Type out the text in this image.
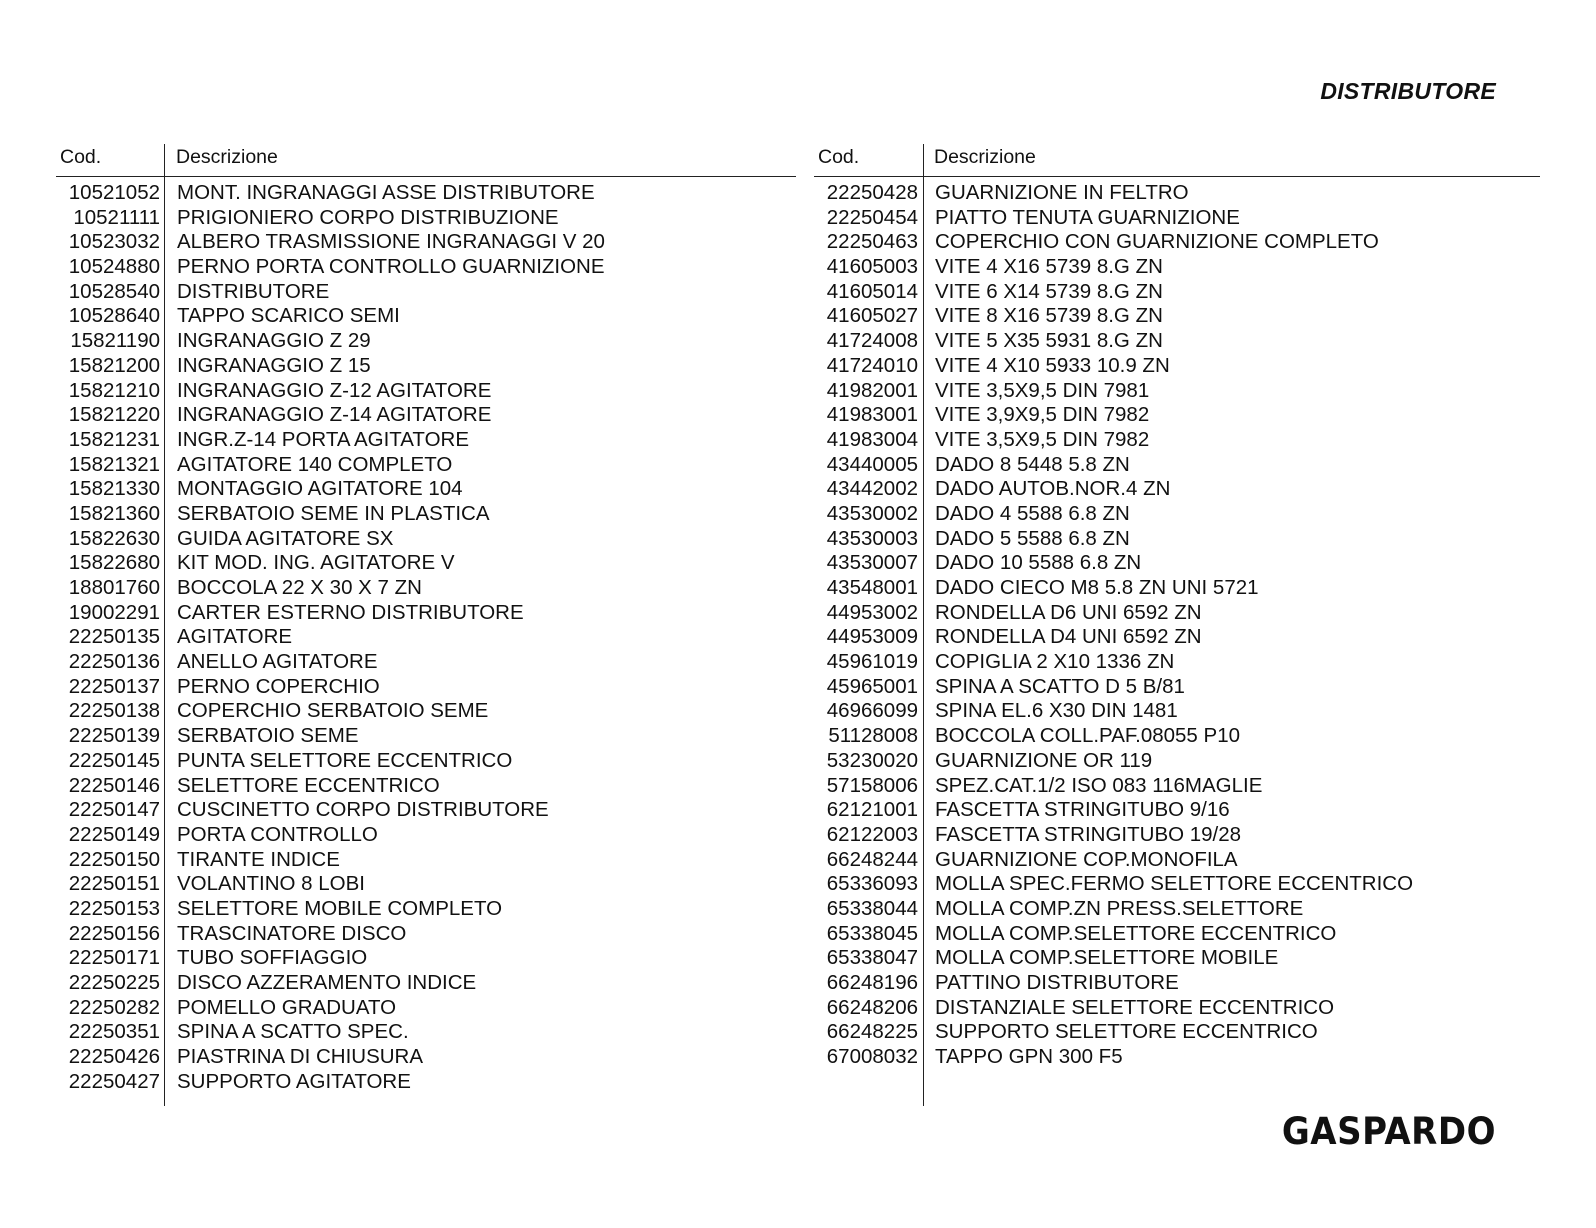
DISTRIBUTORE
Cod.	Descrizione
10521052 MONT. INGRANAGGI ASSE DISTRIBUTORE
10521111 PRIGIONIERO CORPO DISTRIBUZIONE
10523032 ALBERO TRASMISSIONE INGRANAGGI V 20
10524880 PERNO PORTA CONTROLLO GUARNIZIONE
10528540 DISTRIBUTORE
10528640 TAPPO SCARICO SEMI
15821190 INGRANAGGIO Z 29
15821200 INGRANAGGIO Z 15
15821210 INGRANAGGIO Z-12 AGITATORE
15821220 INGRANAGGIO Z-14 AGITATORE
15821231 INGR.Z-14 PORTA AGITATORE
15821321 AGITATORE 140 COMPLETO
15821330 MONTAGGIO AGITATORE 104
15821360 SERBATOIO SEME IN PLASTICA
15822630 GUIDA AGITATORE SX
15822680 KIT MOD. ING. AGITATORE V
18801760 BOCCOLA 22 X 30 X 7 ZN
19002291 CARTER ESTERNO DISTRIBUTORE
22250135 AGITATORE
22250136 ANELLO AGITATORE
22250137 PERNO COPERCHIO
22250138 COPERCHIO SERBATOIO SEME
22250139 SERBATOIO SEME
22250145 PUNTA SELETTORE ECCENTRICO
22250146 SELETTORE ECCENTRICO
22250147 CUSCINETTO CORPO DISTRIBUTORE
22250149 PORTA CONTROLLO
22250150 TIRANTE INDICE
22250151 VOLANTINO 8 LOBI
22250153 SELETTORE MOBILE COMPLETO
22250156 TRASCINATORE DISCO
22250171 TUBO SOFFIAGGIO
22250225 DISCO AZZERAMENTO INDICE
22250282 POMELLO GRADUATO
22250351 SPINA A SCATTO SPEC.
22250426 PIASTRINA DI CHIUSURA
22250427 SUPPORTO AGITATORE
Cod.	Descrizione
22250428 GUARNIZIONE IN FELTRO
22250454 PIATTO TENUTA GUARNIZIONE
22250463 COPERCHIO CON GUARNIZIONE COMPLETO
41605003 VITE 4 X16 5739 8.G ZN
41605014 VITE 6 X14 5739 8.G ZN
41605027 VITE 8 X16 5739 8.G ZN
41724008 VITE 5 X35 5931 8.G ZN
41724010 VITE 4 X10 5933 10.9 ZN
41982001 VITE 3,5X9,5 DIN 7981
41983001 VITE 3,9X9,5 DIN 7982
41983004 VITE 3,5X9,5 DIN 7982
43440005 DADO 8 5448 5.8 ZN
43442002 DADO AUTOB.NOR.4 ZN
43530002 DADO 4 5588 6.8 ZN
43530003 DADO 5 5588 6.8 ZN
43530007 DADO 10 5588 6.8 ZN
43548001 DADO CIECO M8 5.8 ZN UNI 5721
44953002 RONDELLA D6 UNI 6592 ZN
44953009 RONDELLA D4 UNI 6592 ZN
45961019 COPIGLIA 2 X10 1336 ZN
45965001 SPINA A SCATTO D 5 B/81
46966099 SPINA EL.6 X30 DIN 1481
51128008 BOCCOLA COLL.PAF.08055 P10
53230020 GUARNIZIONE OR 119
57158006 SPEZ.CAT.1/2 ISO 083 116MAGLIE
62121001 FASCETTA STRINGITUBO 9/16
62122003 FASCETTA STRINGITUBO 19/28
66248244 GUARNIZIONE COP.MONOFILA
65336093 MOLLA SPEC.FERMO SELETTORE ECCENTRICO
65338044 MOLLA COMP.ZN PRESS.SELETTORE
65338045 MOLLA COMP.SELETTORE ECCENTRICO
65338047 MOLLA COMP.SELETTORE MOBILE
66248196 PATTINO DISTRIBUTORE
66248206 DISTANZIALE SELETTORE ECCENTRICO
66248225 SUPPORTO SELETTORE ECCENTRICO
67008032 TAPPO GPN 300 F5
GASPARDO
